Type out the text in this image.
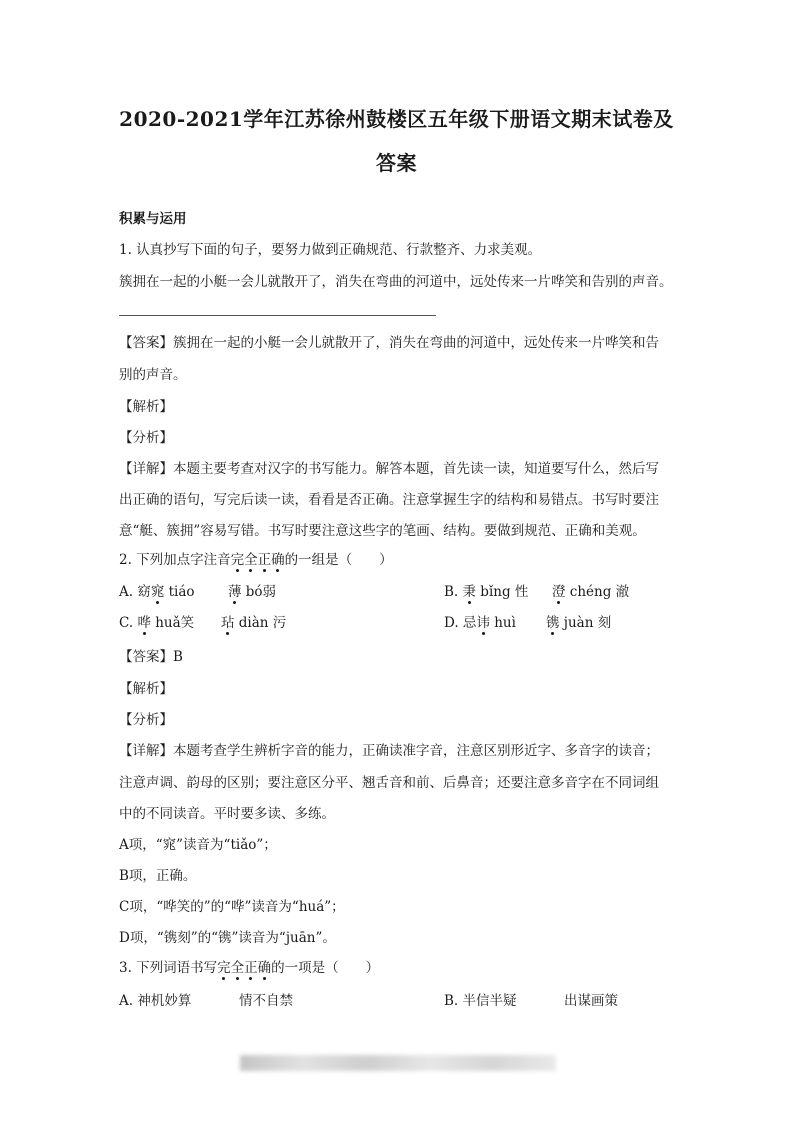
2020-2021学年江苏徐州鼓楼区五年级下册语文期末试卷及
答案
积累与运用
1. 认真抄写下面的句子，要努力做到正确规范、行款整齐、力求美观。
簇拥在一起的小艇一会儿就散开了，消失在弯曲的河道中，远处传来一片哗笑和告别的声音。
【答案】簇拥在一起的小艇一会儿就散开了，消失在弯曲的河道中，远处传来一片哗笑和告
别的声音。
【解析】
【分析】
【详解】本题主要考查对汉字的书写能力。解答本题，首先读一读，知道要写什么，然后写
出正确的语句，写完后读一读，看看是否正确。注意掌握生字的结构和易错点。书写时要注
意“艇、簇拥”容易写错。书写时要注意这些字的笔画、结构。要做到规范、正确和美观。
2. 下列加点字注音完全正确的一组是（　　）
A. 窈窕 tiáo 薄 bó弱	B. 秉 bǐng 性 澄 chéng 澈
C. 哗 huǎ笑 玷 diàn 污	D. 忌讳 huì 镌 juàn 刻
【答案】B
【解析】
【分析】
【详解】本题考查学生辨析字音的能力，正确读准字音，注意区别形近字、多音字的读音；
注意声调、韵母的区别；要注意区分平、翘舌音和前、后鼻音；还要注意多音字在不同词组
中的不同读音。平时要多读、多练。
A项，“窕”读音为“tiǎo”；
B项，正确。
C项，“哗笑的”的“哗”读音为“huá”；
D项，“镌刻”的“镌”读音为“juān”。
3. 下列词语书写完全正确的一项是（　　）
A. 神机妙算	情不自禁	B. 半信半疑	出谋画策
